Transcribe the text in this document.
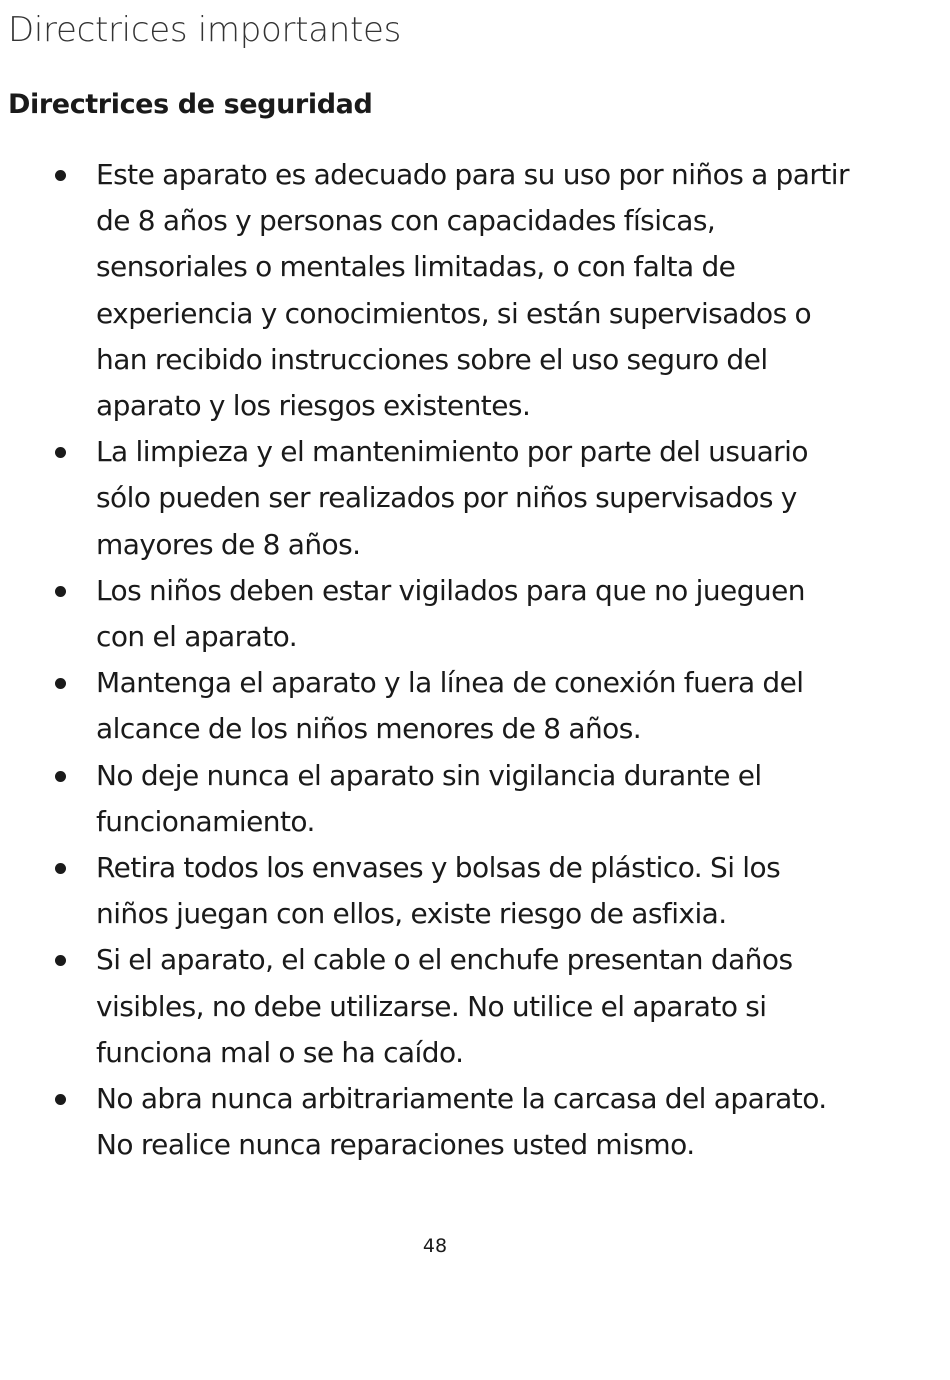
Directrices importantes
Directrices de seguridad
Este aparato es adecuado para su uso por niños a partir de 8 años y personas con capacidades físicas, sensoriales o mentales limitadas, o con falta de experiencia y conocimientos, si están supervisados o han recibido instrucciones sobre el uso seguro del aparato y los riesgos existentes.
La limpieza y el mantenimiento por parte del usuario sólo pueden ser realizados por niños supervisados y mayores de 8 años.
Los niños deben estar vigilados para que no jueguen con el aparato.
Mantenga el aparato y la línea de conexión fuera del alcance de los niños menores de 8 años.
No deje nunca el aparato sin vigilancia durante el funcionamiento.
Retira todos los envases y bolsas de plástico. Si los niños juegan con ellos, existe riesgo de asfixia.
Si el aparato, el cable o el enchufe presentan daños visibles, no debe utilizarse. No utilice el aparato si funciona mal o se ha caído.
No abra nunca arbitrariamente la carcasa del aparato. No realice nunca reparaciones usted mismo.
48
